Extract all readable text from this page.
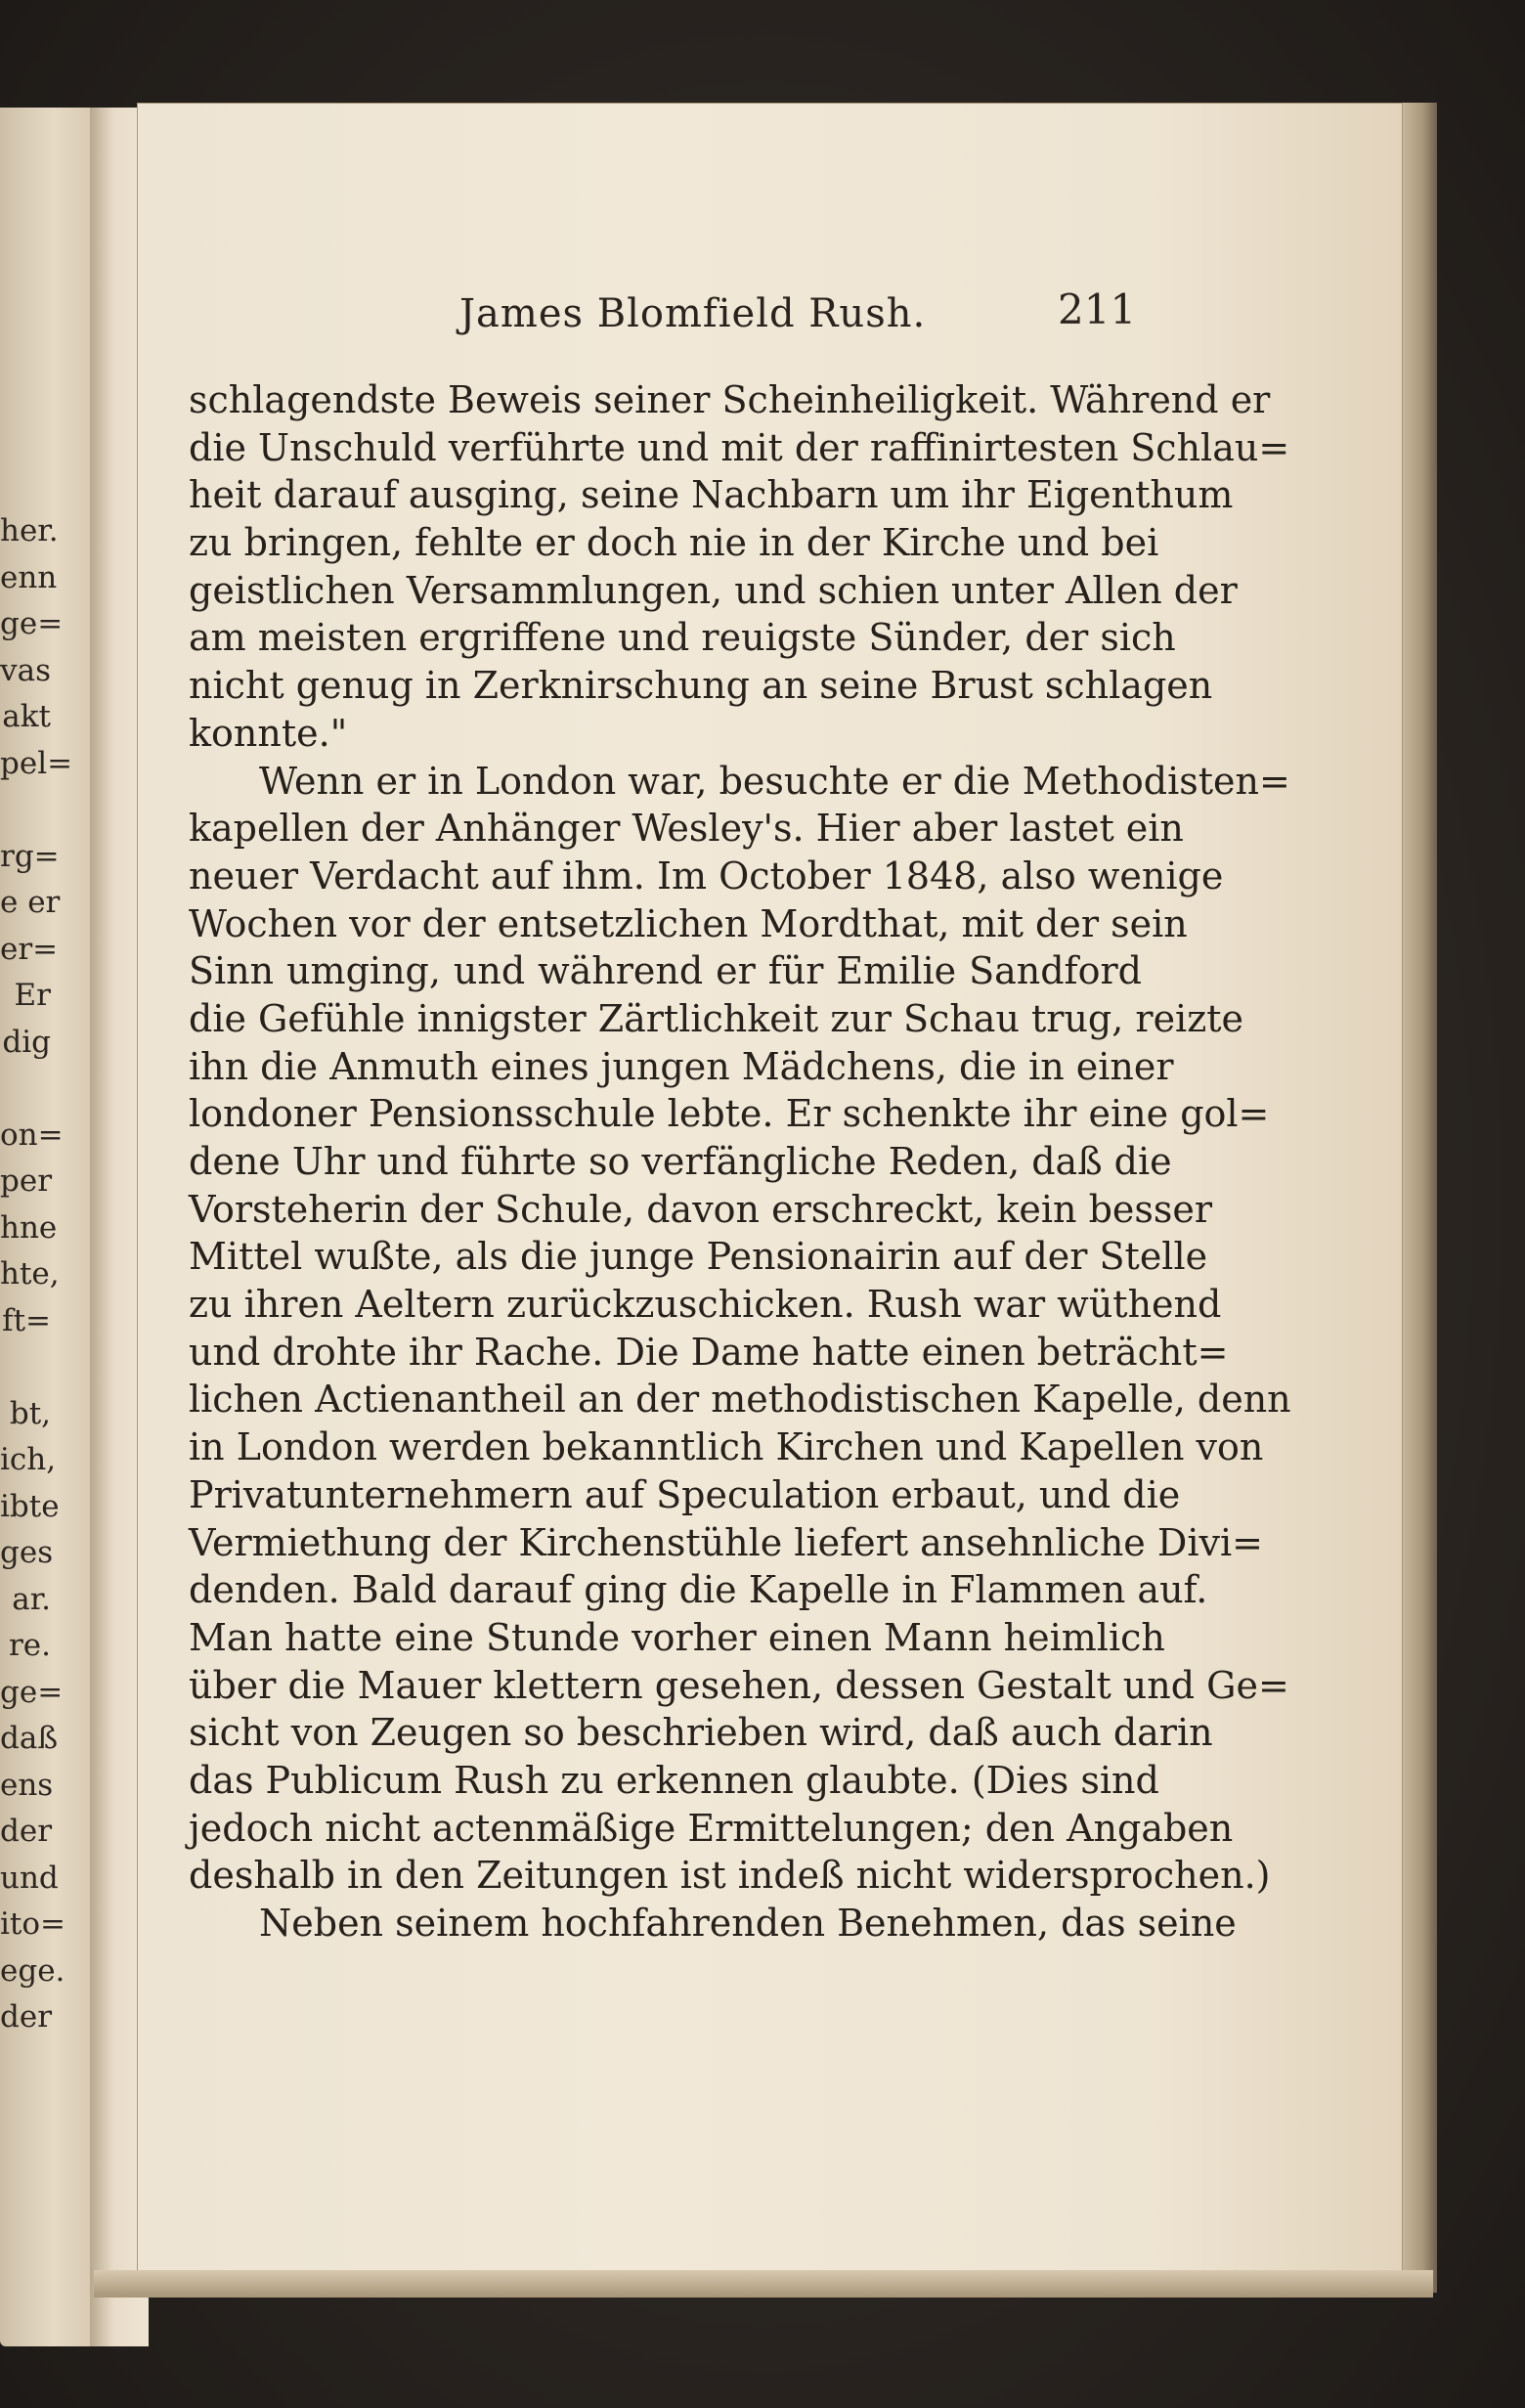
her.
enn
ge=
vas
akt
pel=
rg=
e er
er=
Er
dig
on=
per
hne
hte,
ft=
bt,
ich,
ibte
ges
ar.
re.
ge=
daß
ens
der
und
ito=
ege.
der
James Blomfield Rush.	211
schlagendste Beweis seiner Scheinheiligkeit. Während er
die Unschuld verführte und mit der raffinirtesten Schlau=
heit darauf ausging, seine Nachbarn um ihr Eigenthum
zu bringen, fehlte er doch nie in der Kirche und bei
geistlichen Versammlungen, und schien unter Allen der
am meisten ergriffene und reuigste Sünder, der sich
nicht genug in Zerknirschung an seine Brust schlagen
konnte."
Wenn er in London war, besuchte er die Methodisten=
kapellen der Anhänger Wesley's. Hier aber lastet ein
neuer Verdacht auf ihm. Im October 1848, also wenige
Wochen vor der entsetzlichen Mordthat, mit der sein
Sinn umging, und während er für Emilie Sandford
die Gefühle innigster Zärtlichkeit zur Schau trug, reizte
ihn die Anmuth eines jungen Mädchens, die in einer
londoner Pensionsschule lebte. Er schenkte ihr eine gol=
dene Uhr und führte so verfängliche Reden, daß die
Vorsteherin der Schule, davon erschreckt, kein besser
Mittel wußte, als die junge Pensionairin auf der Stelle
zu ihren Aeltern zurückzuschicken. Rush war wüthend
und drohte ihr Rache. Die Dame hatte einen beträcht=
lichen Actienantheil an der methodistischen Kapelle, denn
in London werden bekanntlich Kirchen und Kapellen von
Privatunternehmern auf Speculation erbaut, und die
Vermiethung der Kirchenstühle liefert ansehnliche Divi=
denden. Bald darauf ging die Kapelle in Flammen auf.
Man hatte eine Stunde vorher einen Mann heimlich
über die Mauer klettern gesehen, dessen Gestalt und Ge=
sicht von Zeugen so beschrieben wird, daß auch darin
das Publicum Rush zu erkennen glaubte. (Dies sind
jedoch nicht actenmäßige Ermittelungen; den Angaben
deshalb in den Zeitungen ist indeß nicht widersprochen.)
Neben seinem hochfahrenden Benehmen, das seine
